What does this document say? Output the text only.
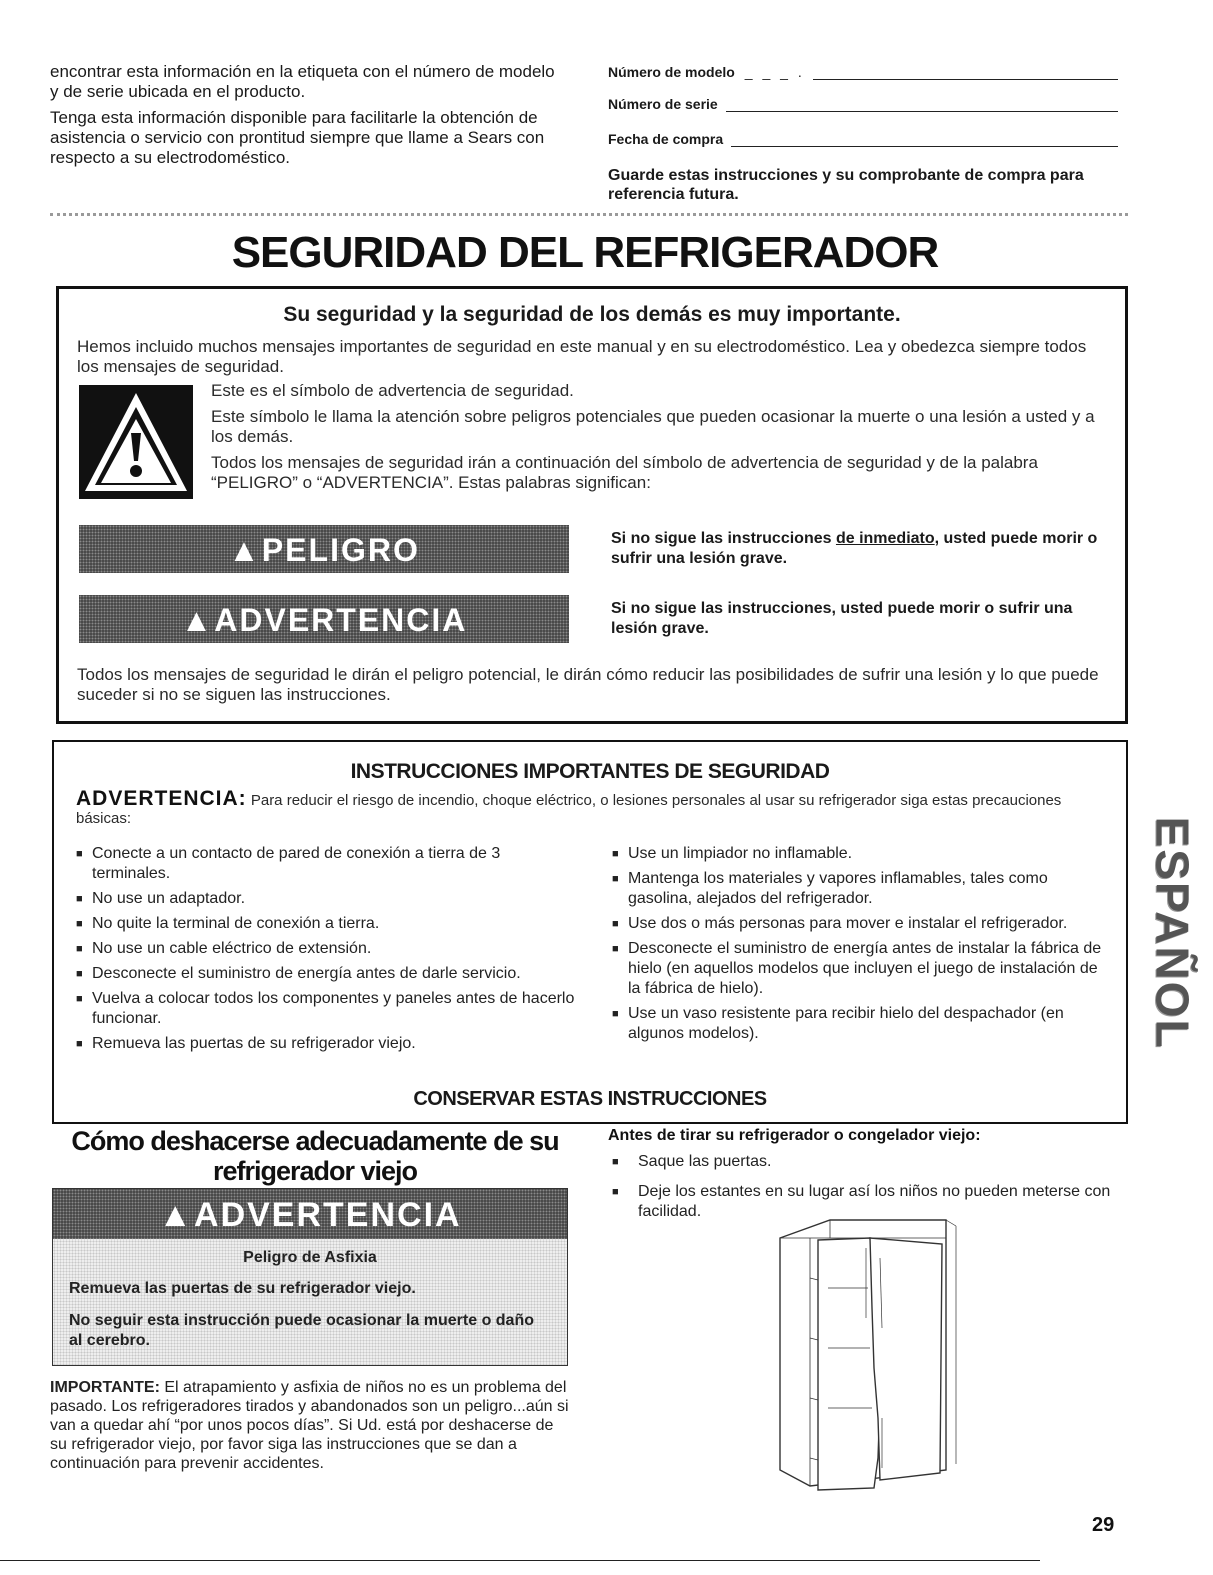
encontrar esta información en la etiqueta con el número de modelo y de serie ubicada en el producto.

Tenga esta información disponible para facilitarle la obtención de asistencia o servicio con prontitud siempre que llame a Sears con respecto a su electrodoméstico.

Número de modelo _ _ _ .
Número de serie
Fecha de compra
Guarde estas instrucciones y su comprobante de compra para referencia futura.
SEGURIDAD DEL REFRIGERADOR
Su seguridad y la seguridad de los demás es muy importante.

Hemos incluido muchos mensajes importantes de seguridad en este manual y en su electrodoméstico. Lea y obedezca siempre todos los mensajes de seguridad.

Este es el símbolo de advertencia de seguridad.

Este símbolo le llama la atención sobre peligros potenciales que pueden ocasionar la muerte o una lesión a usted y a los demás.

Todos los mensajes de seguridad irán a continuación del símbolo de advertencia de seguridad y de la palabra “PELIGRO” o “ADVERTENCIA”. Estas palabras significan:

▲PELIGRO	Si no sigue las instrucciones de inmediato, usted puede morir o sufrir una lesión grave.
▲ADVERTENCIA	Si no sigue las instrucciones, usted puede morir o sufrir una lesión grave.

Todos los mensajes de seguridad le dirán el peligro potencial, le dirán cómo reducir las posibilidades de sufrir una lesión y lo que puede suceder si no se siguen las instrucciones.

INSTRUCCIONES IMPORTANTES DE SEGURIDAD
ADVERTENCIA: Para reducir el riesgo de incendio, choque eléctrico, o lesiones personales al usar su refrigerador siga estas precauciones básicas:
■ Conecte a un contacto de pared de conexión a tierra de 3 terminales.
■ No use un adaptador.
■ No quite la terminal de conexión a tierra.
■ No use un cable eléctrico de extensión.
■ Desconecte el suministro de energía antes de darle servicio.
■ Vuelva a colocar todos los componentes y paneles antes de hacerlo funcionar.
■ Remueva las puertas de su refrigerador viejo.
■ Use un limpiador no inflamable.
■ Mantenga los materiales y vapores inflamables, tales como gasolina, alejados del refrigerador.
■ Use dos o más personas para mover e instalar el refrigerador.
■ Desconecte el suministro de energía antes de instalar la fábrica de hielo (en aquellos modelos que incluyen el juego de instalación de la fábrica de hielo).
■ Use un vaso resistente para recibir hielo del despachador (en algunos modelos).
CONSERVAR ESTAS INSTRUCCIONES
Cómo deshacerse adecuadamente de su refrigerador viejo
▲ADVERTENCIA
Peligro de Asfixia
Remueva las puertas de su refrigerador viejo.
No seguir esta instrucción puede ocasionar la muerte o daño al cerebro.
IMPORTANTE: El atrapamiento y asfixia de niños no es un problema del pasado. Los refrigeradores tirados y abandonados son un peligro...aún si van a quedar ahí “por unos pocos días”. Si Ud. está por deshacerse de su refrigerador viejo, por favor siga las instrucciones que se dan a continuación para prevenir accidentes.
Antes de tirar su refrigerador o congelador viejo:
■ Saque las puertas.
■ Deje los estantes en su lugar así los niños no pueden meterse con facilidad.
ESPAÑOL
29
